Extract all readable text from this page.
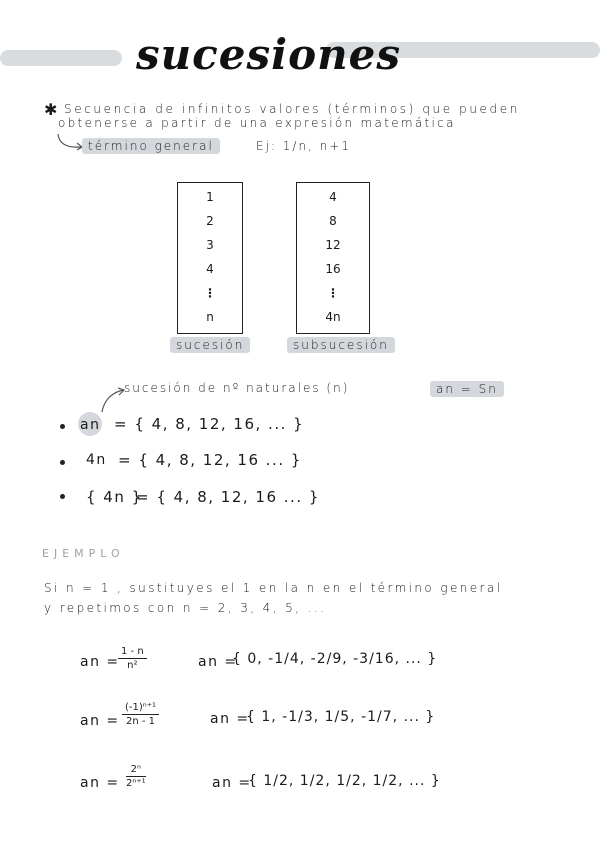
sucesiones
✱ Secuencia de infinitos valores (términos) que pueden
obtenerse a partir de una expresión matemática
término general	Ej: 1/n, n+1
1
2
3
4
⋮
n
4
8
12
16
⋮
4n
sucesión	subsucesión
sucesión de nº naturales (n)	an = Sn
an = { 4, 8, 12, 16, ... }
4n = { 4, 8, 12, 16 ... }
{ 4n }
= { 4, 8, 12, 16 ... }
EJEMPLO
Si n = 1 , sustituyes el 1 en la n en el término general
y repetimos con n = 2, 3, 4, 5, ...
an =
$\frac{1 - n}{\text{n²}}$	an =
{ 0, -1/4, -2/9, -3/16, ... }
an = $\frac{\text{(-1)ⁿ⁺¹}}{2n - 1}$	an =
{ 1, -1/3, 1/5, -1/7, ... }
an = $\frac{\text{2ⁿ}}{\text{2ⁿ⁺¹}}$	an =
{ 1/2, 1/2, 1/2, 1/2, ... }
